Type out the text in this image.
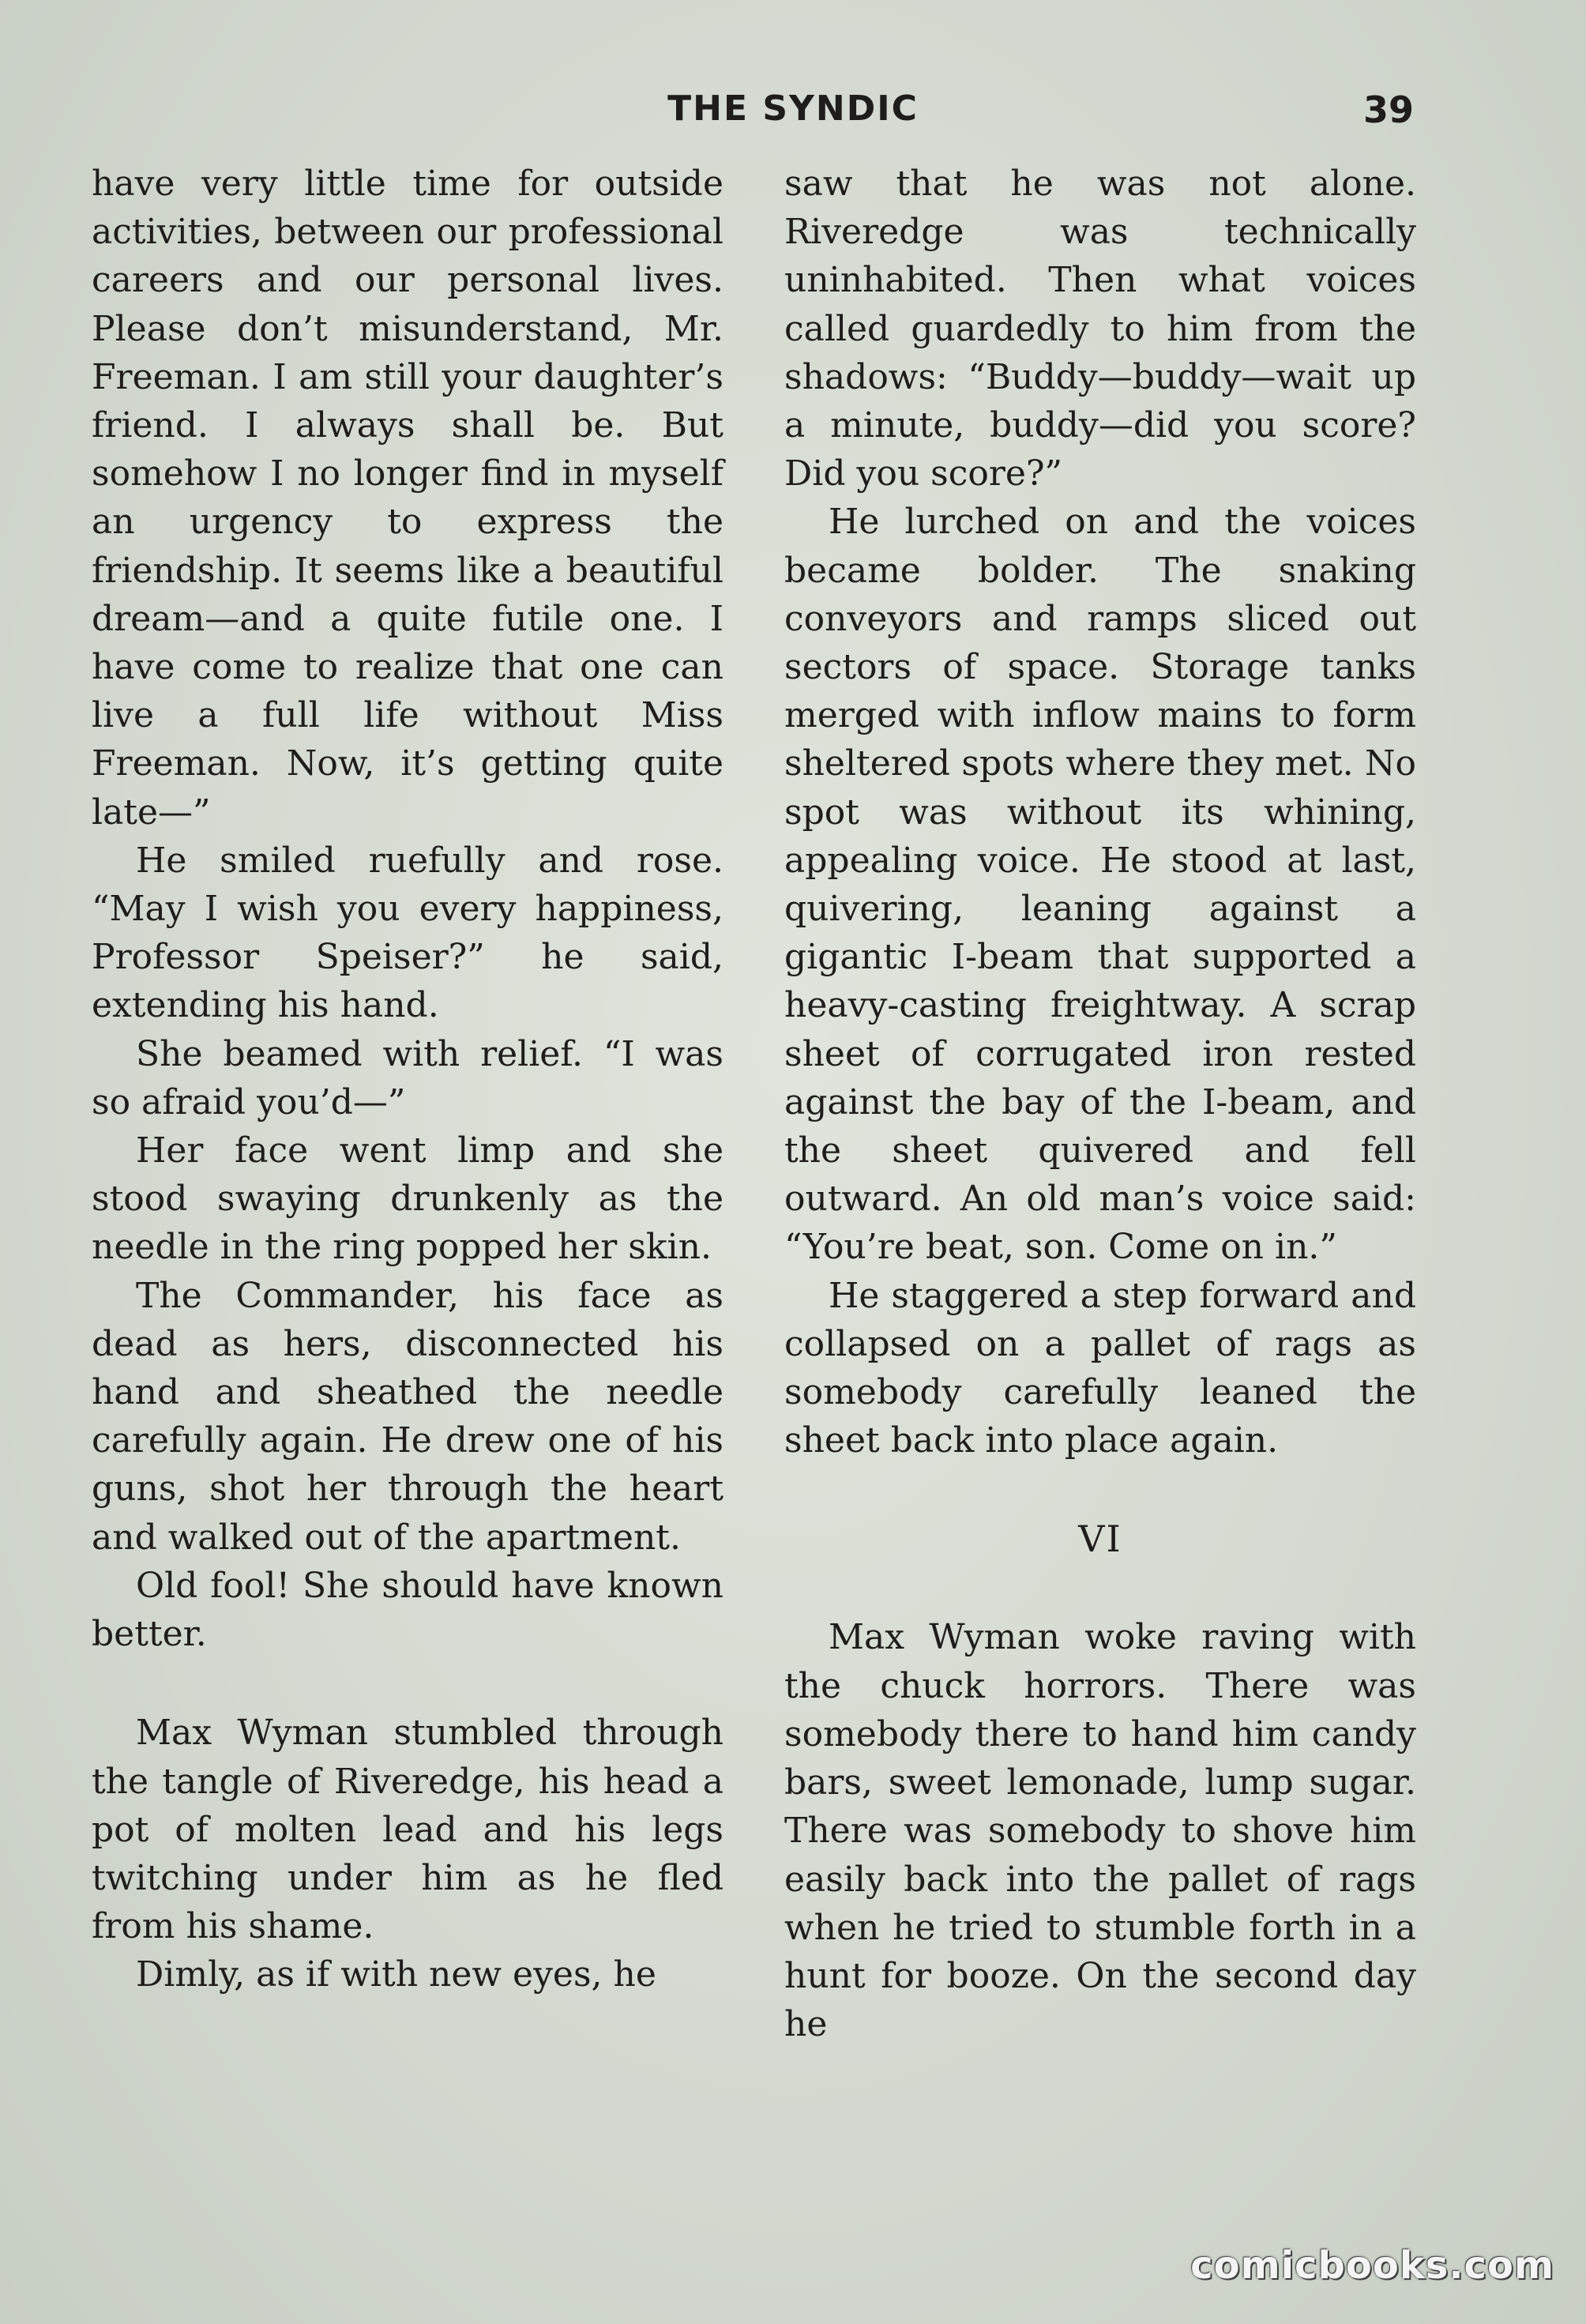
THE SYNDIC	39

have very little time for outside activities, between our professional careers and our personal lives. Please don’t misunderstand, Mr. Freeman. I am still your daughter’s friend. I always shall be. But somehow I no longer find in myself an urgency to express the friendship. It seems like a beautiful dream—and a quite futile one. I have come to realize that one can live a full life without Miss Freeman. Now, it’s getting quite late—”

He smiled ruefully and rose. “May I wish you every happiness, Professor Speiser?” he said, extending his hand.

She beamed with relief. “I was so afraid you’d—”

Her face went limp and she stood swaying drunkenly as the needle in the ring popped her skin.

The Commander, his face as dead as hers, disconnected his hand and sheathed the needle carefully again. He drew one of his guns, shot her through the heart and walked out of the apartment.

Old fool! She should have known better.

Max Wyman stumbled through the tangle of Riveredge, his head a pot of molten lead and his legs twitching under him as he fled from his shame.

Dimly, as if with new eyes, he

saw that he was not alone. Riveredge was technically uninhabited. Then what voices called guardedly to him from the shadows: “Buddy—buddy—wait up a minute, buddy—did you score? Did you score?”

He lurched on and the voices became bolder. The snaking conveyors and ramps sliced out sectors of space. Storage tanks merged with inflow mains to form sheltered spots where they met. No spot was without its whining, appealing voice. He stood at last, quivering, leaning against a gigantic I-beam that supported a heavy-casting freightway. A scrap sheet of corrugated iron rested against the bay of the I-beam, and the sheet quivered and fell outward. An old man’s voice said: “You’re beat, son. Come on in.”

He staggered a step forward and collapsed on a pallet of rags as somebody carefully leaned the sheet back into place again.

VI

Max Wyman woke raving with the chuck horrors. There was somebody there to hand him candy bars, sweet lemonade, lump sugar. There was somebody to shove him easily back into the pallet of rags when he tried to stumble forth in a hunt for booze. On the second day he

comicbooks.com
